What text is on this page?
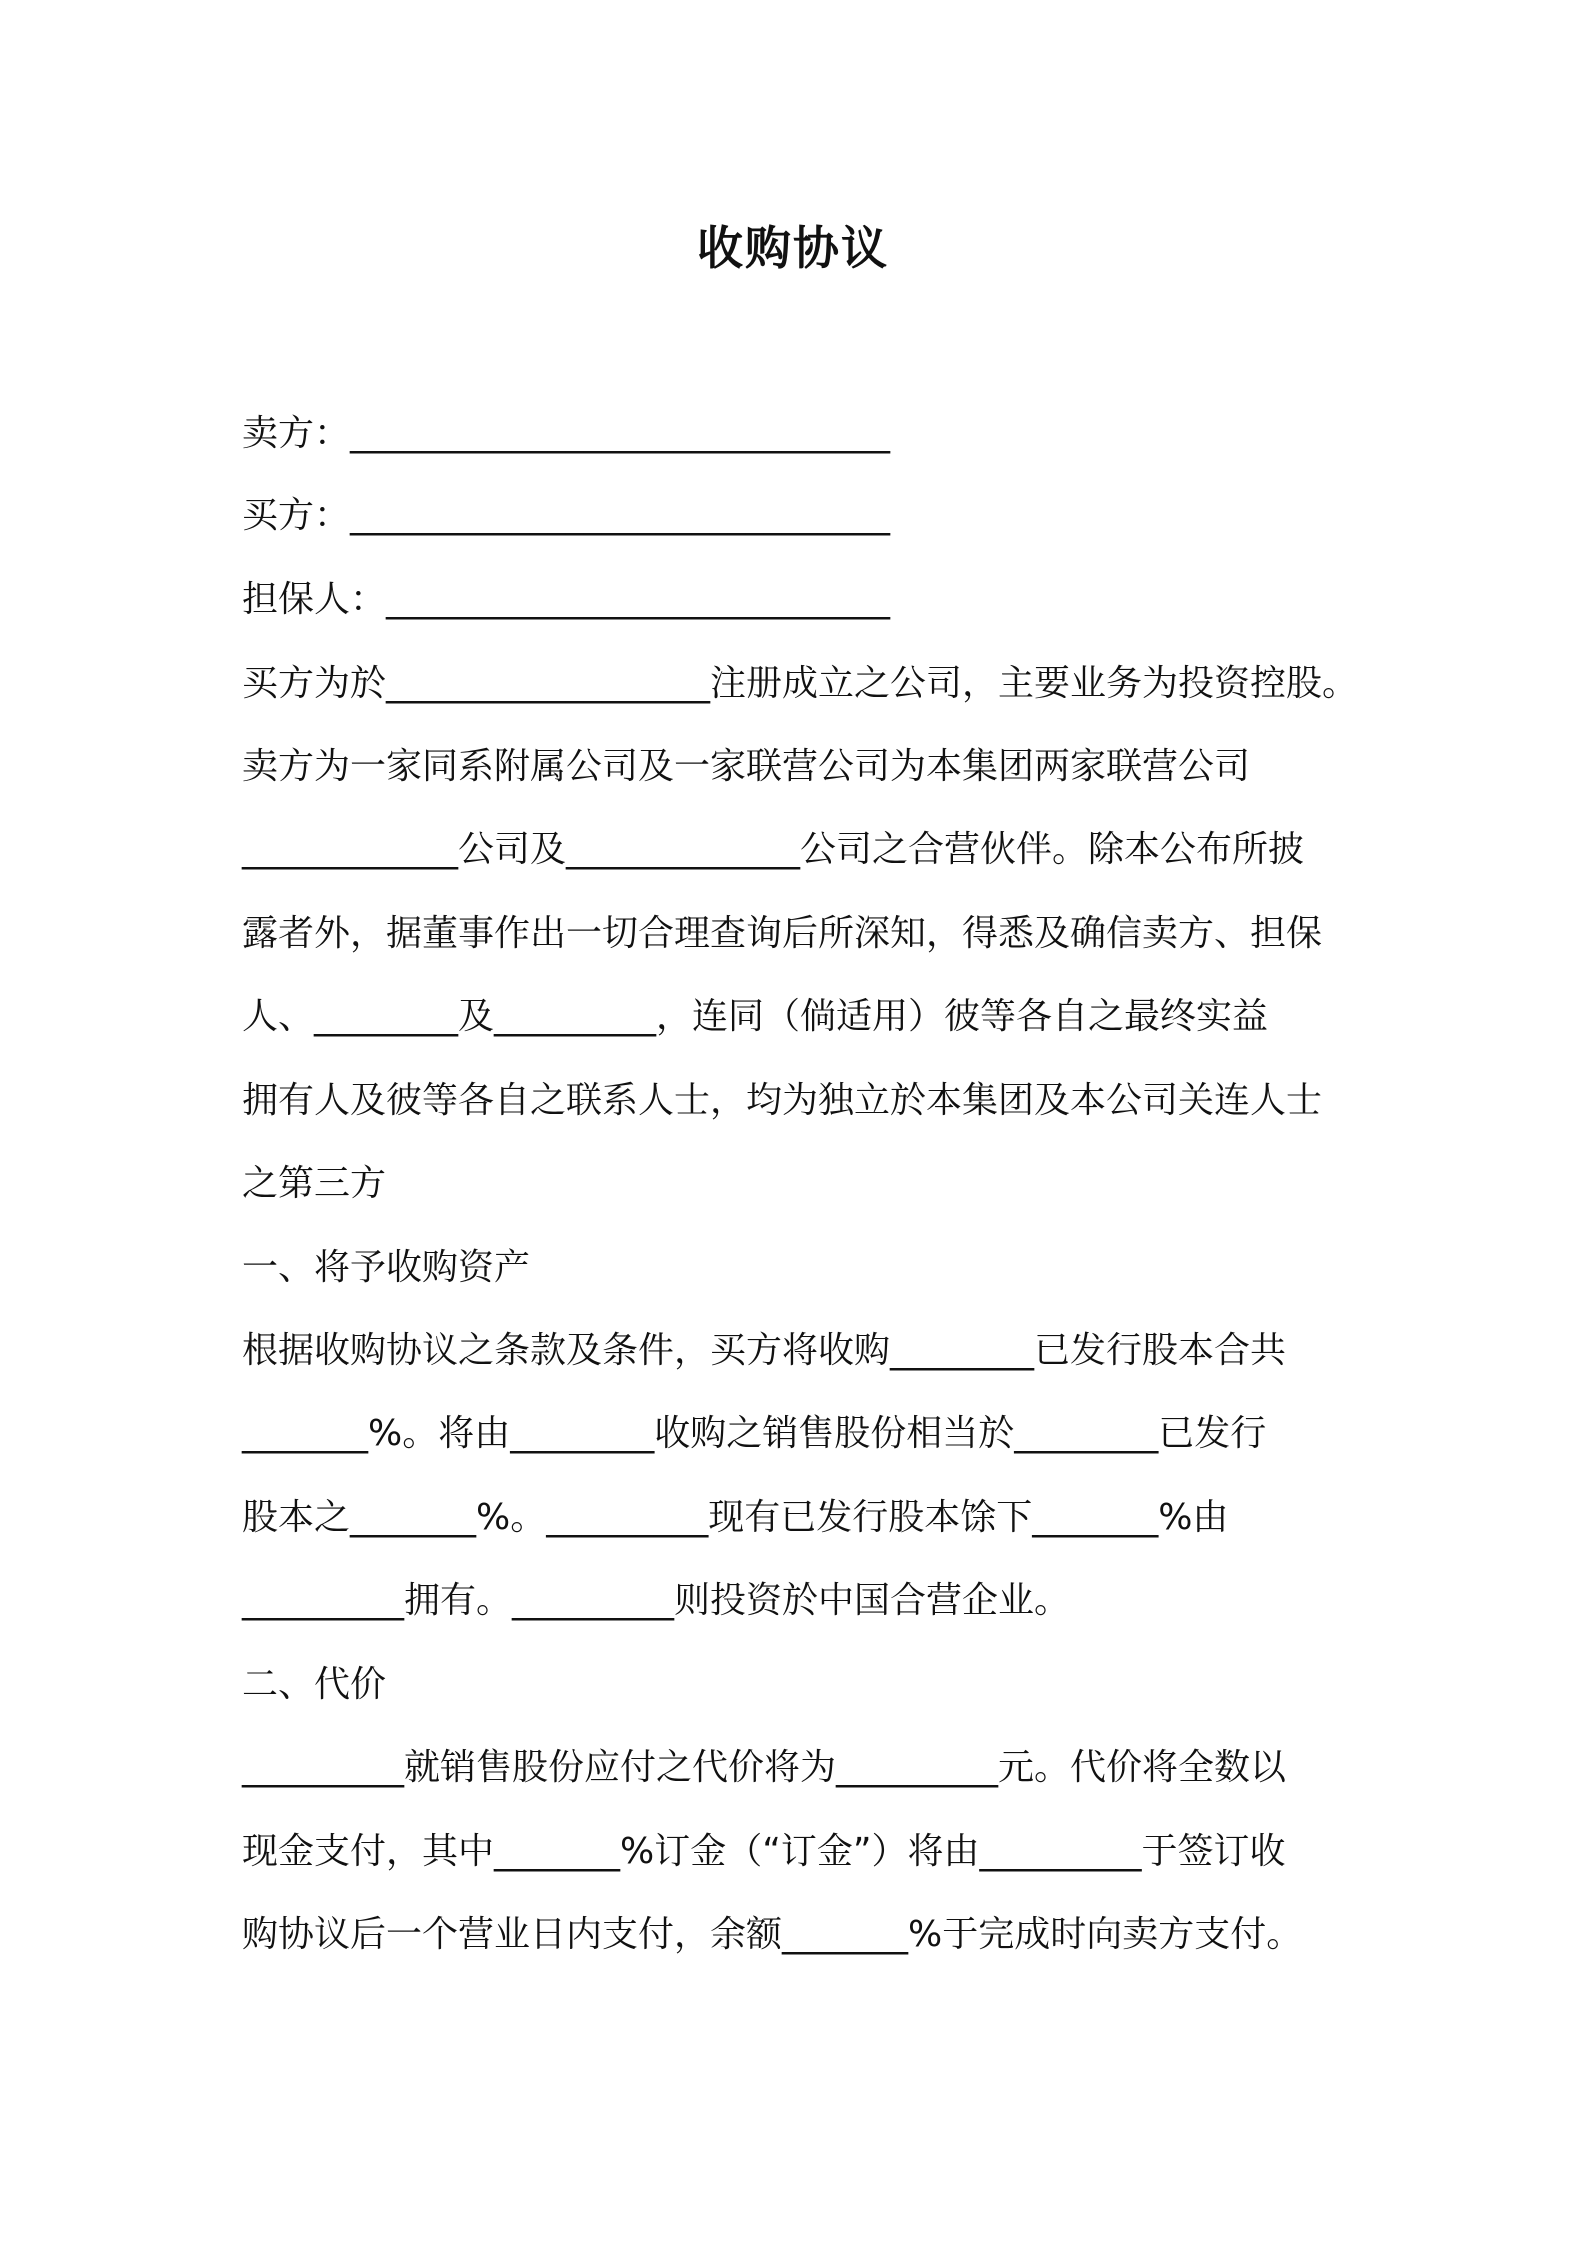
收购协议

卖方：______________________________

买方：______________________________

担保人：____________________________

买方为於__________________注册成立之公司，主要业务为投资控股。

卖方为一家同系附属公司及一家联营公司为本集团两家联营公司

____________公司及_____________公司之合营伙伴。除本公布所披

露者外，据董事作出一切合理查询后所深知，得悉及确信卖方、担保

人、________及_________，连同（倘适用）彼等各自之最终实益

拥有人及彼等各自之联系人士，均为独立於本集团及本公司关连人士

之第三方

一、将予收购资产

根据收购协议之条款及条件，买方将收购________已发行股本合共

_______%。将由________收购之销售股份相当於________已发行

股本之_______%。_________现有已发行股本馀下_______%由

_________拥有。_________则投资於中国合营企业。

二、代价

_________就销售股份应付之代价将为_________元。代价将全数以

现金支付，其中_______%订金（“订金”）将由_________于签订收

购协议后一个营业日内支付，余额_______%于完成时向卖方支付。
